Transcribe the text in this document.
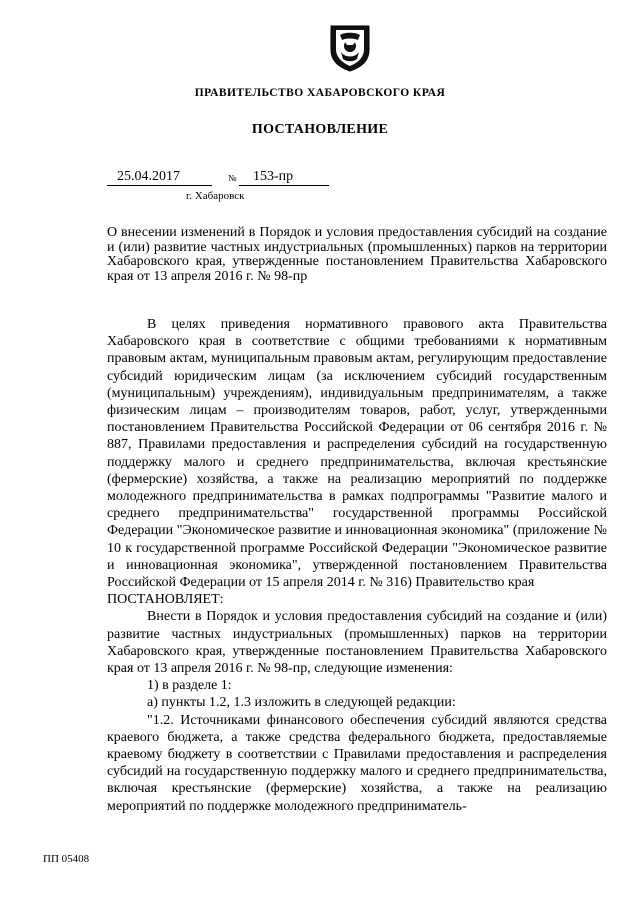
ПРАВИТЕЛЬСТВО ХАБАРОВСКОГО КРАЯ
ПОСТАНОВЛЕНИЕ
25.04.2017	№	153-пр
г. Хабаровск
О внесении изменений в Порядок и условия предоставления субсидий на создание и (или) развитие частных индустриальных (промышленных) парков на территории Хабаровского края, утвержденные постановлением Правительства Хабаровского края от 13 апреля 2016 г. № 98-пр

В целях приведения нормативного правового акта Правительства Хабаровского края в соответствие с общими требованиями к нормативным правовым актам, муниципальным правовым актам, регулирующим предоставление субсидий юридическим лицам (за исключением субсидий государственным (муниципальным) учреждениям), индивидуальным предпринимателям, а также физическим лицам – производителям товаров, работ, услуг, утвержденными постановлением Правительства Российской Федерации от 06 сентября 2016 г. № 887, Правилами предоставления и распределения субсидий на государственную поддержку малого и среднего предпринимательства, включая крестьянские (фермерские) хозяйства, а также на реализацию мероприятий по поддержке молодежного предпринимательства в рамках подпрограммы "Развитие малого и среднего предпринимательства" государственной программы Российской Федерации "Экономическое развитие и инновационная экономика" (приложение № 10 к государственной программе Российской Федерации "Экономическое развитие и инновационная экономика", утвержденной постановлением Правительства Российской Федерации от 15 апреля 2014 г. № 316) Правительство края

ПОСТАНОВЛЯЕТ:

Внести в Порядок и условия предоставления субсидий на создание и (или) развитие частных индустриальных (промышленных) парков на территории Хабаровского края, утвержденные постановлением Правительства Хабаровского края от 13 апреля 2016 г. № 98-пр, следующие изменения:

1) в разделе 1:

а) пункты 1.2, 1.3 изложить в следующей редакции:

"1.2. Источниками финансового обеспечения субсидий являются средства краевого бюджета, а также средства федерального бюджета, предоставляемые краевому бюджету в соответствии с Правилами предоставления и распределения субсидий на государственную поддержку малого и среднего предпринимательства, включая крестьянские (фермерские) хозяйства, а также на реализацию мероприятий по поддержке молодежного предприниматель-

ПП 05408
